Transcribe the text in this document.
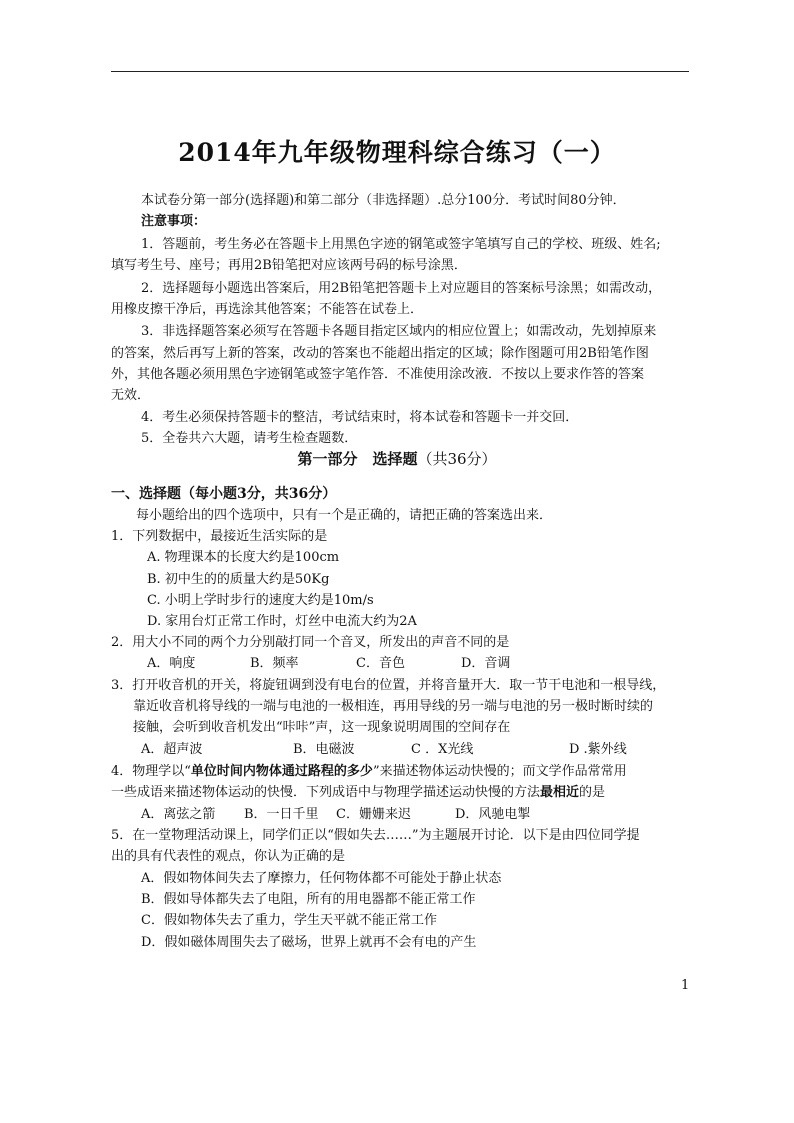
2014年九年级物理科综合练习（一）
本试卷分第一部分(选择题)和第二部分（非选择题）.总分100分．考试时间80分钟．
注意事项：
1．答题前，考生务必在答题卡上用黑色字迹的钢笔或签字笔填写自己的学校、班级、姓名;
填写考生号、座号；再用2B铅笔把对应该两号码的标号涂黑．
2．选择题每小题选出答案后，用2B铅笔把答题卡上对应题目的答案标号涂黑；如需改动，
用橡皮擦干净后，再选涂其他答案；不能答在试卷上．
3．非选择题答案必须写在答题卡各题目指定区域内的相应位置上；如需改动，先划掉原来
的答案，然后再写上新的答案，改动的答案也不能超出指定的区域；除作图题可用2B铅笔作图
外，其他各题必须用黑色字迹钢笔或签字笔作答．不准使用涂改液．不按以上要求作答的答案
无效．
4．考生必须保持答题卡的整洁，考试结束时，将本试卷和答题卡一并交回．
5．全卷共六大题，请考生检查题数．
第一部分　选择题（共36分）
一、选择题（每小题3分，共36分）
每小题给出的四个选项中，只有一个是正确的，请把正确的答案选出来．
1．下列数据中，最接近生活实际的是
A. 物理课本的长度大约是100cm
B. 初中生的的质量大约是50Kg
C. 小明上学时步行的速度大约是10m/s
D. 家用台灯正常工作时，灯丝中电流大约为2A
2．用大小不同的两个力分别敲打同一个音叉，所发出的声音不同的是
A．响度	B．频率	C．音色	D．音调
3．打开收音机的开关，将旋钮调到没有电台的位置，并将音量开大．取一节干电池和一根导线，
靠近收音机将导线的一端与电池的一极相连，再用导线的另一端与电池的另一极时断时续的
接触，会听到收音机发出“咔咔”声，这一现象说明周围的空间存在
A．超声波	B．电磁波	C ．X光线	D .紫外线
4．物理学以“单位时间内物体通过路程的多少”来描述物体运动快慢的；而文学作品常常用
一些成语来描述物体运动的快慢．下列成语中与物理学描述运动快慢的方法最相近的是
A．离弦之箭 B．一日千里 C．姗姗来迟	D．风驰电掣
5．在一堂物理活动课上，同学们正以“假如失去……”为主题展开讨论．以下是由四位同学提
出的具有代表性的观点，你认为正确的是
A．假如物体间失去了摩擦力，任何物体都不可能处于静止状态
B．假如导体都失去了电阻，所有的用电器都不能正常工作
C．假如物体失去了重力，学生天平就不能正常工作
D．假如磁体周围失去了磁场，世界上就再不会有电的产生
1
